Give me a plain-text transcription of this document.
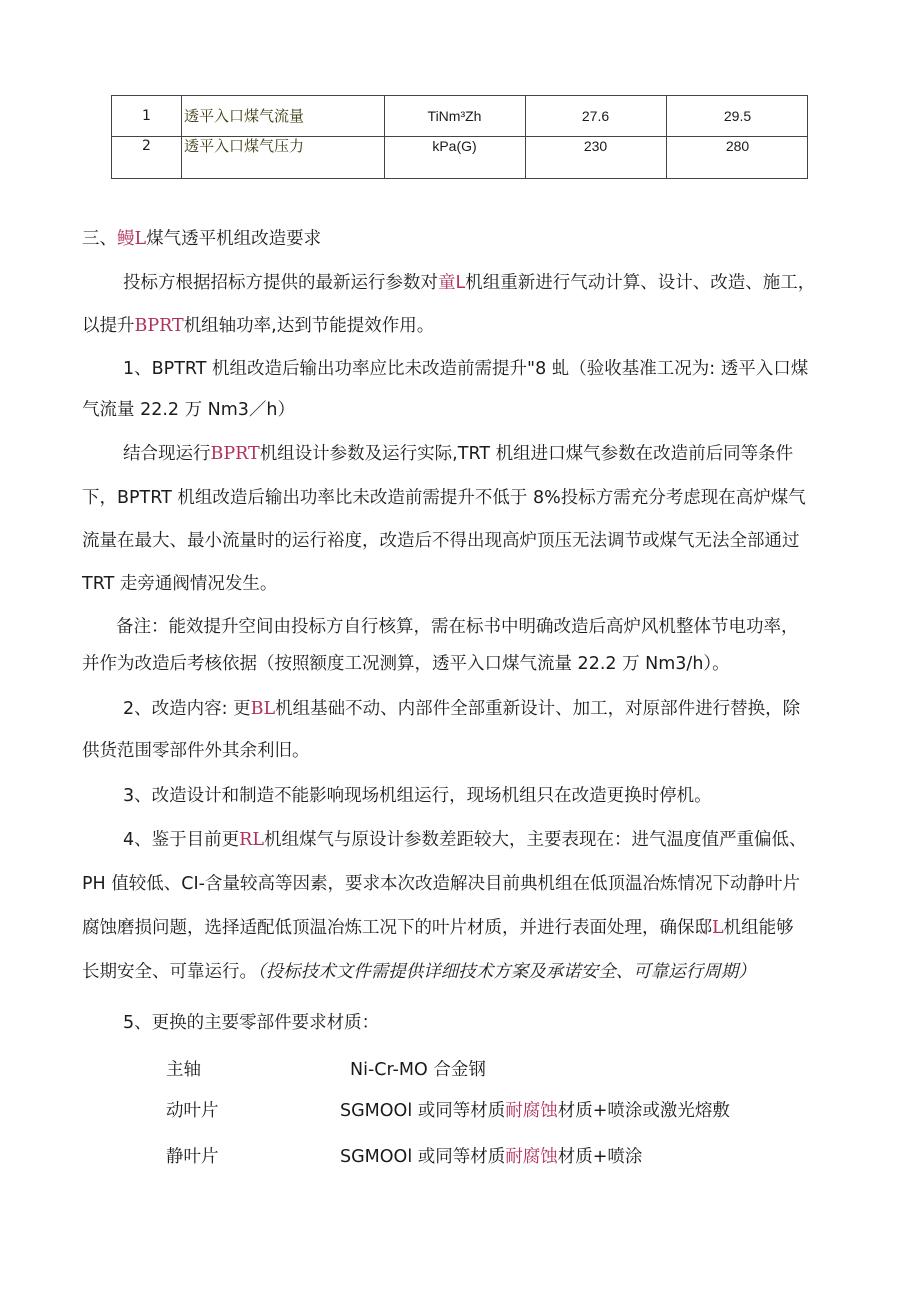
1	透平入口煤气流量	TiNm³Zh	27.6	29.5
2	透平入口煤气压力	kPa(G)	230	280
三、鳗L煤气透平机组改造要求
投标方根据招标方提供的最新运行参数对童L机组重新进行气动计算、设计、改造、施工，
以提升BPRT机组轴功率,达到节能提效作用。
1、BPTRT 机组改造后输出功率应比未改造前需提升"8 虬（验收基准工况为: 透平入口煤
气流量 22.2 万 Nm3／h）
结合现运行BPRT机组设计参数及运行实际,TRT 机组进口煤气参数在改造前后同等条件
下，BPTRT 机组改造后输出功率比未改造前需提升不低于 8%投标方需充分考虑现在高炉煤气
流量在最大、最小流量时的运行裕度，改造后不得出现高炉顶压无法调节或煤气无法全部通过
TRT 走旁通阀情况发生。
备注：能效提升空间由投标方自行核算，需在标书中明确改造后高炉风机整体节电功率，
并作为改造后考核依据（按照额度工况测算，透平入口煤气流量 22.2 万 Nm3/h）。
2、改造内容: 更BL机组基础不动、内部件全部重新设计、加工，对原部件进行替换，除
供货范围零部件外其余利旧。
3、改造设计和制造不能影响现场机组运行，现场机组只在改造更换时停机。
4、鉴于目前更RL机组煤气与原设计参数差距较大，主要表现在：进气温度值严重偏低、
PH 值较低、CI-含量较高等因素，要求本次改造解决目前典机组在低顶温冶炼情况下动静叶片
腐蚀磨损问题，选择适配低顶温冶炼工况下的叶片材质，并进行表面处理，确保邸L机组能够
长期安全、可靠运行。（投标技术文件需提供详细技术方案及承诺安全、可靠运行周期）
5、更换的主要零部件要求材质：
主轴	Ni-Cr-MO 合金钢
动叶片	SGMOOl 或同等材质耐腐蚀材质+喷涂或激光熔敷
静叶片	SGMOOl 或同等材质耐腐蚀材质+喷涂
